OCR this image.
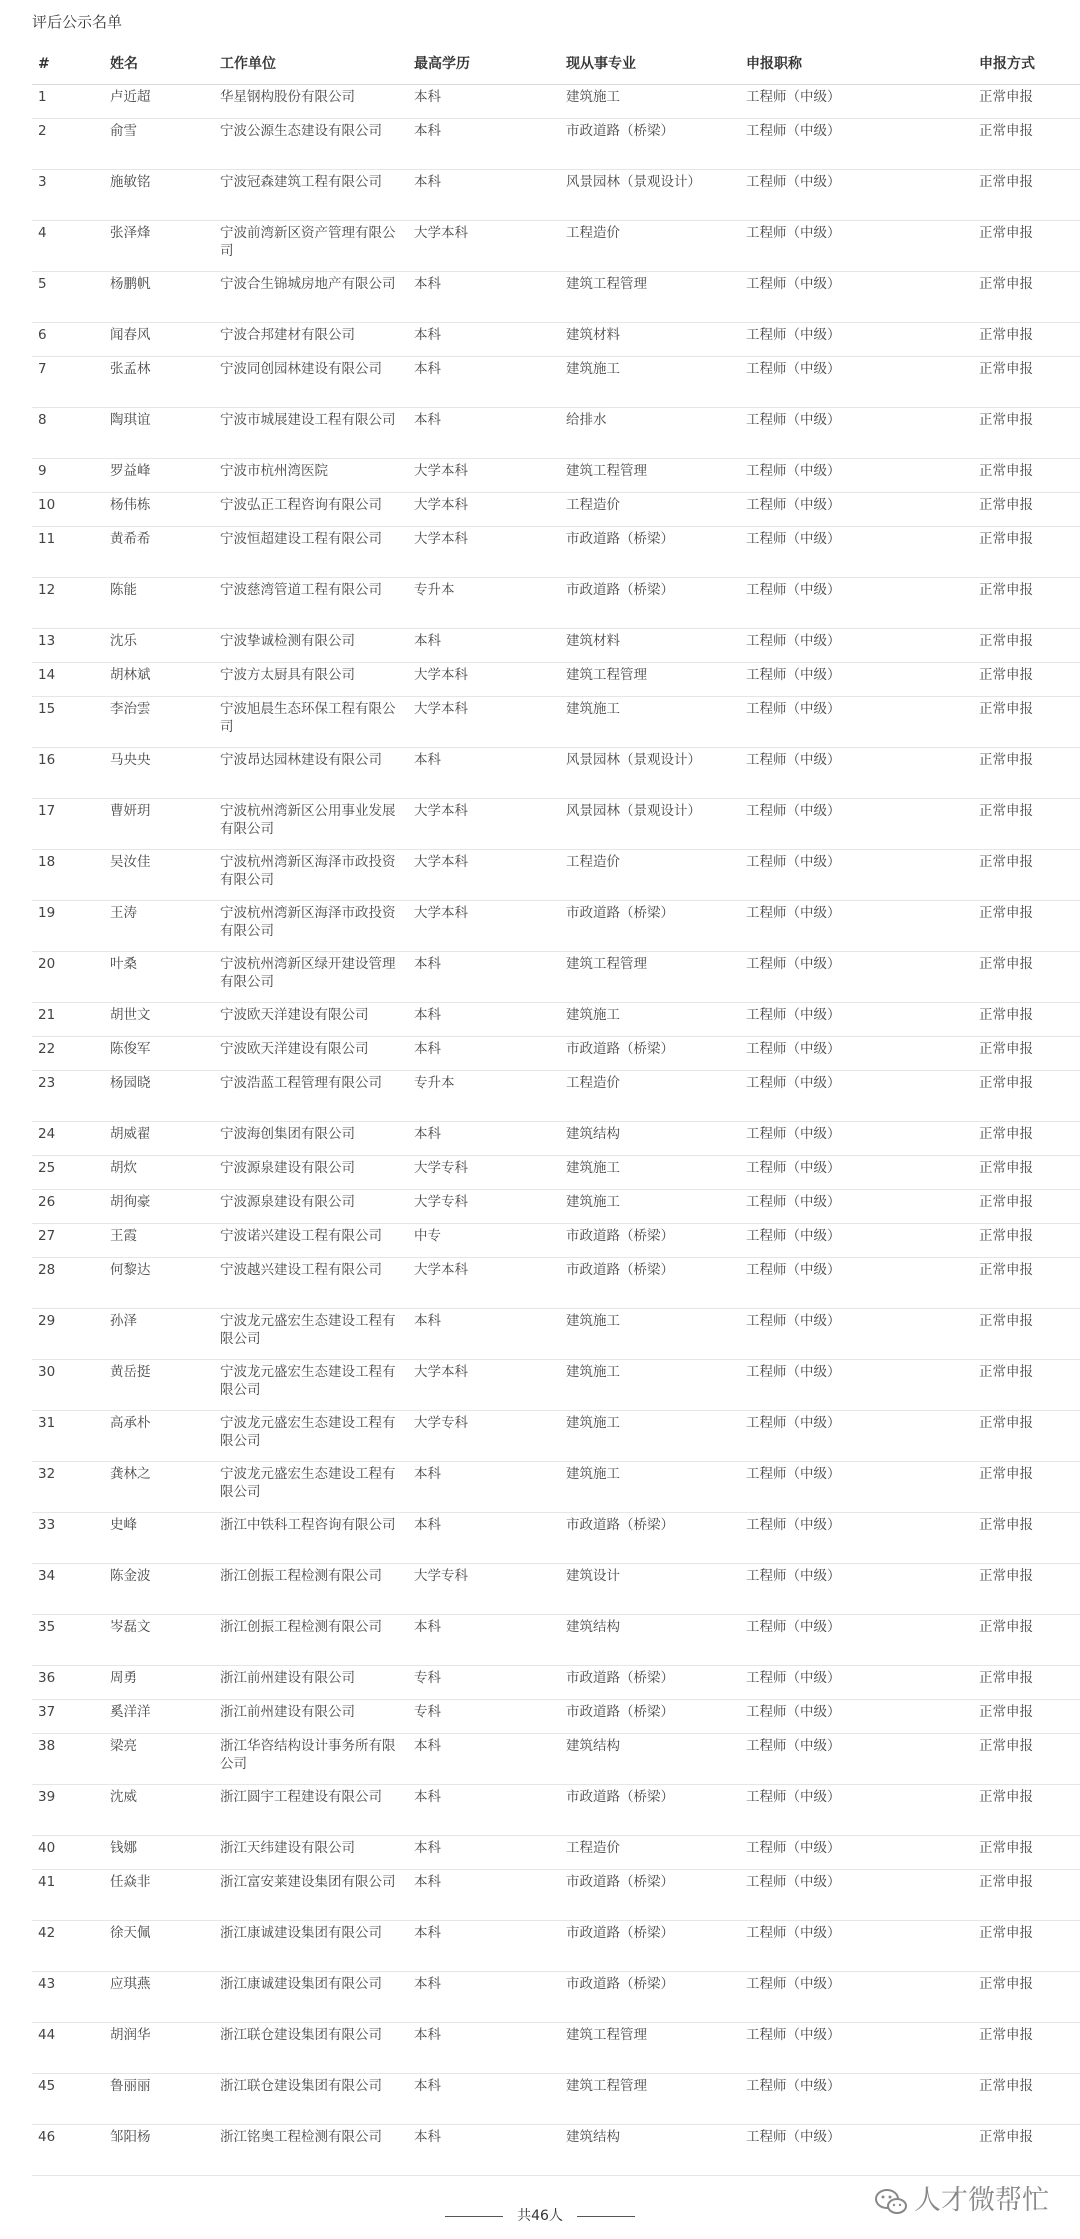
评后公示名单
#	姓名	工作单位	最高学历	现从事专业	申报职称	申报方式
1	卢近超	华星钢构股份有限公司	本科	建筑施工	工程师（中级）	正常申报
2	俞雪	宁波公源生态建设有限公司	本科	市政道路（桥梁）	工程师（中级）	正常申报
3	施敏铭	宁波冠森建筑工程有限公司	本科	风景园林（景观设计）	工程师（中级）	正常申报
4	张泽烽	宁波前湾新区资产管理有限公司	大学本科	工程造价	工程师（中级）	正常申报
5	杨鹏帆	宁波合生锦城房地产有限公司	本科	建筑工程管理	工程师（中级）	正常申报
6	闻春风	宁波合邦建材有限公司	本科	建筑材料	工程师（中级）	正常申报
7	张孟林	宁波同创园林建设有限公司	本科	建筑施工	工程师（中级）	正常申报
8	陶琪谊	宁波市城展建设工程有限公司	本科	给排水	工程师（中级）	正常申报
9	罗益峰	宁波市杭州湾医院	大学本科	建筑工程管理	工程师（中级）	正常申报
10	杨伟栋	宁波弘正工程咨询有限公司	大学本科	工程造价	工程师（中级）	正常申报
11	黄希希	宁波恒超建设工程有限公司	大学本科	市政道路（桥梁）	工程师（中级）	正常申报
12	陈能	宁波慈湾管道工程有限公司	专升本	市政道路（桥梁）	工程师（中级）	正常申报
13	沈乐	宁波挚诚检测有限公司	本科	建筑材料	工程师（中级）	正常申报
14	胡林斌	宁波方太厨具有限公司	大学本科	建筑工程管理	工程师（中级）	正常申报
15	李治雲	宁波旭晨生态环保工程有限公司	大学本科	建筑施工	工程师（中级）	正常申报
16	马央央	宁波昂达园林建设有限公司	本科	风景园林（景观设计）	工程师（中级）	正常申报
17	曹妍玥	宁波杭州湾新区公用事业发展有限公司	大学本科	风景园林（景观设计）	工程师（中级）	正常申报
18	吴汝佳	宁波杭州湾新区海泽市政投资有限公司	大学本科	工程造价	工程师（中级）	正常申报
19	王涛	宁波杭州湾新区海泽市政投资有限公司	大学本科	市政道路（桥梁）	工程师（中级）	正常申报
20	叶桑	宁波杭州湾新区绿开建设管理有限公司	本科	建筑工程管理	工程师（中级）	正常申报
21	胡世文	宁波欧天洋建设有限公司	本科	建筑施工	工程师（中级）	正常申报
22	陈俊军	宁波欧天洋建设有限公司	本科	市政道路（桥梁）	工程师（中级）	正常申报
23	杨园晓	宁波浩蓝工程管理有限公司	专升本	工程造价	工程师（中级）	正常申报
24	胡威翟	宁波海创集团有限公司	本科	建筑结构	工程师（中级）	正常申报
25	胡炊	宁波源泉建设有限公司	大学专科	建筑施工	工程师（中级）	正常申报
26	胡徇豪	宁波源泉建设有限公司	大学专科	建筑施工	工程师（中级）	正常申报
27	王霞	宁波诺兴建设工程有限公司	中专	市政道路（桥梁）	工程师（中级）	正常申报
28	何黎达	宁波越兴建设工程有限公司	大学本科	市政道路（桥梁）	工程师（中级）	正常申报
29	孙泽	宁波龙元盛宏生态建设工程有限公司	本科	建筑施工	工程师（中级）	正常申报
30	黄岳挺	宁波龙元盛宏生态建设工程有限公司	大学本科	建筑施工	工程师（中级）	正常申报
31	高承朴	宁波龙元盛宏生态建设工程有限公司	大学专科	建筑施工	工程师（中级）	正常申报
32	龚林之	宁波龙元盛宏生态建设工程有限公司	本科	建筑施工	工程师（中级）	正常申报
33	史峰	浙江中铁科工程咨询有限公司	本科	市政道路（桥梁）	工程师（中级）	正常申报
34	陈金波	浙江创振工程检测有限公司	大学专科	建筑设计	工程师（中级）	正常申报
35	岑磊文	浙江创振工程检测有限公司	本科	建筑结构	工程师（中级）	正常申报
36	周勇	浙江前州建设有限公司	专科	市政道路（桥梁）	工程师（中级）	正常申报
37	奚洋洋	浙江前州建设有限公司	专科	市政道路（桥梁）	工程师（中级）	正常申报
38	梁亮	浙江华咨结构设计事务所有限公司	本科	建筑结构	工程师（中级）	正常申报
39	沈威	浙江圆宇工程建设有限公司	本科	市政道路（桥梁）	工程师（中级）	正常申报
40	钱娜	浙江天纬建设有限公司	本科	工程造价	工程师（中级）	正常申报
41	任焱非	浙江富安莱建设集团有限公司	本科	市政道路（桥梁）	工程师（中级）	正常申报
42	徐天佩	浙江康诚建设集团有限公司	本科	市政道路（桥梁）	工程师（中级）	正常申报
43	应琪燕	浙江康诚建设集团有限公司	本科	市政道路（桥梁）	工程师（中级）	正常申报
44	胡润华	浙江联仓建设集团有限公司	本科	建筑工程管理	工程师（中级）	正常申报
45	鲁丽丽	浙江联仓建设集团有限公司	本科	建筑工程管理	工程师（中级）	正常申报
46	邹阳杨	浙江铭奥工程检测有限公司	本科	建筑结构	工程师（中级）	正常申报
共46人	人才微帮忙
